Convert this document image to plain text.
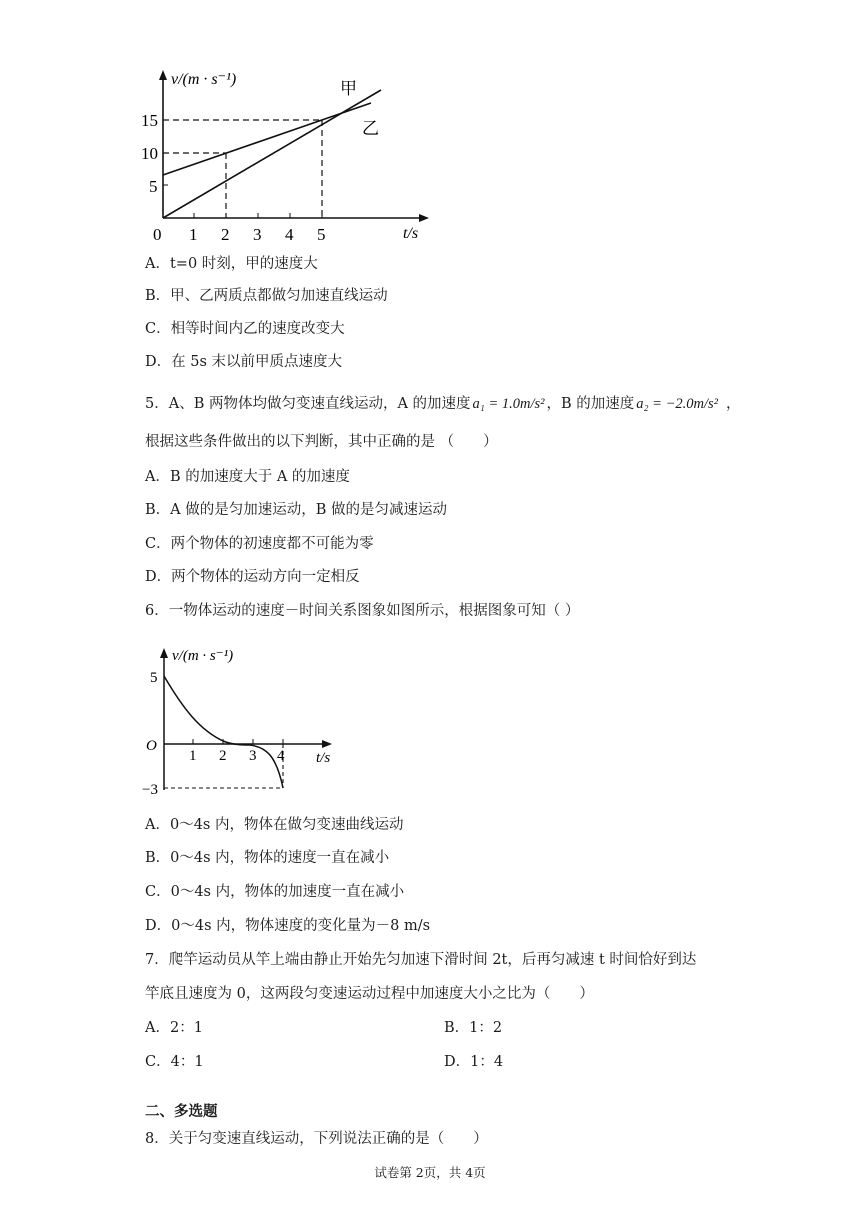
v/(m · s⁻¹)
t/s
15
10
5
0 1 2 3 4 5
甲
乙
A．t=0 时刻，甲的速度大
B．甲、乙两质点都做匀加速直线运动
C．相等时间内乙的速度改变大
D．在 5s 末以前甲质点速度大
5．A、B 两物体均做匀变速直线运动，A 的加速度 a₁ = 1.0m/s² ，B 的加速度 a₂ = −2.0m/s² ，
根据这些条件做出的以下判断，其中正确的是 （　　）
A．B 的加速度大于 A 的加速度
B．A 做的是匀加速运动，B 做的是匀减速运动
C．两个物体的初速度都不可能为零
D．两个物体的运动方向一定相反
6．一物体运动的速度－时间关系图象如图所示，根据图象可知（ ）
v/(m · s⁻¹)
t/s
O
5
−3
1 2 3 4
A．0～4s 内，物体在做匀变速曲线运动
B．0～4s 内，物体的速度一直在减小
C．0～4s 内，物体的加速度一直在减小
D．0～4s 内，物体速度的变化量为－8 m/s
7．爬竿运动员从竿上端由静止开始先匀加速下滑时间 2t，后再匀减速 t 时间恰好到达
竿底且速度为 0，这两段匀变速运动过程中加速度大小之比为（　　）
A．2：1	B．1：2
C．4：1	D．1：4
二、多选题
8．关于匀变速直线运动，下列说法正确的是（　　）
试卷第 2页，共 4页
